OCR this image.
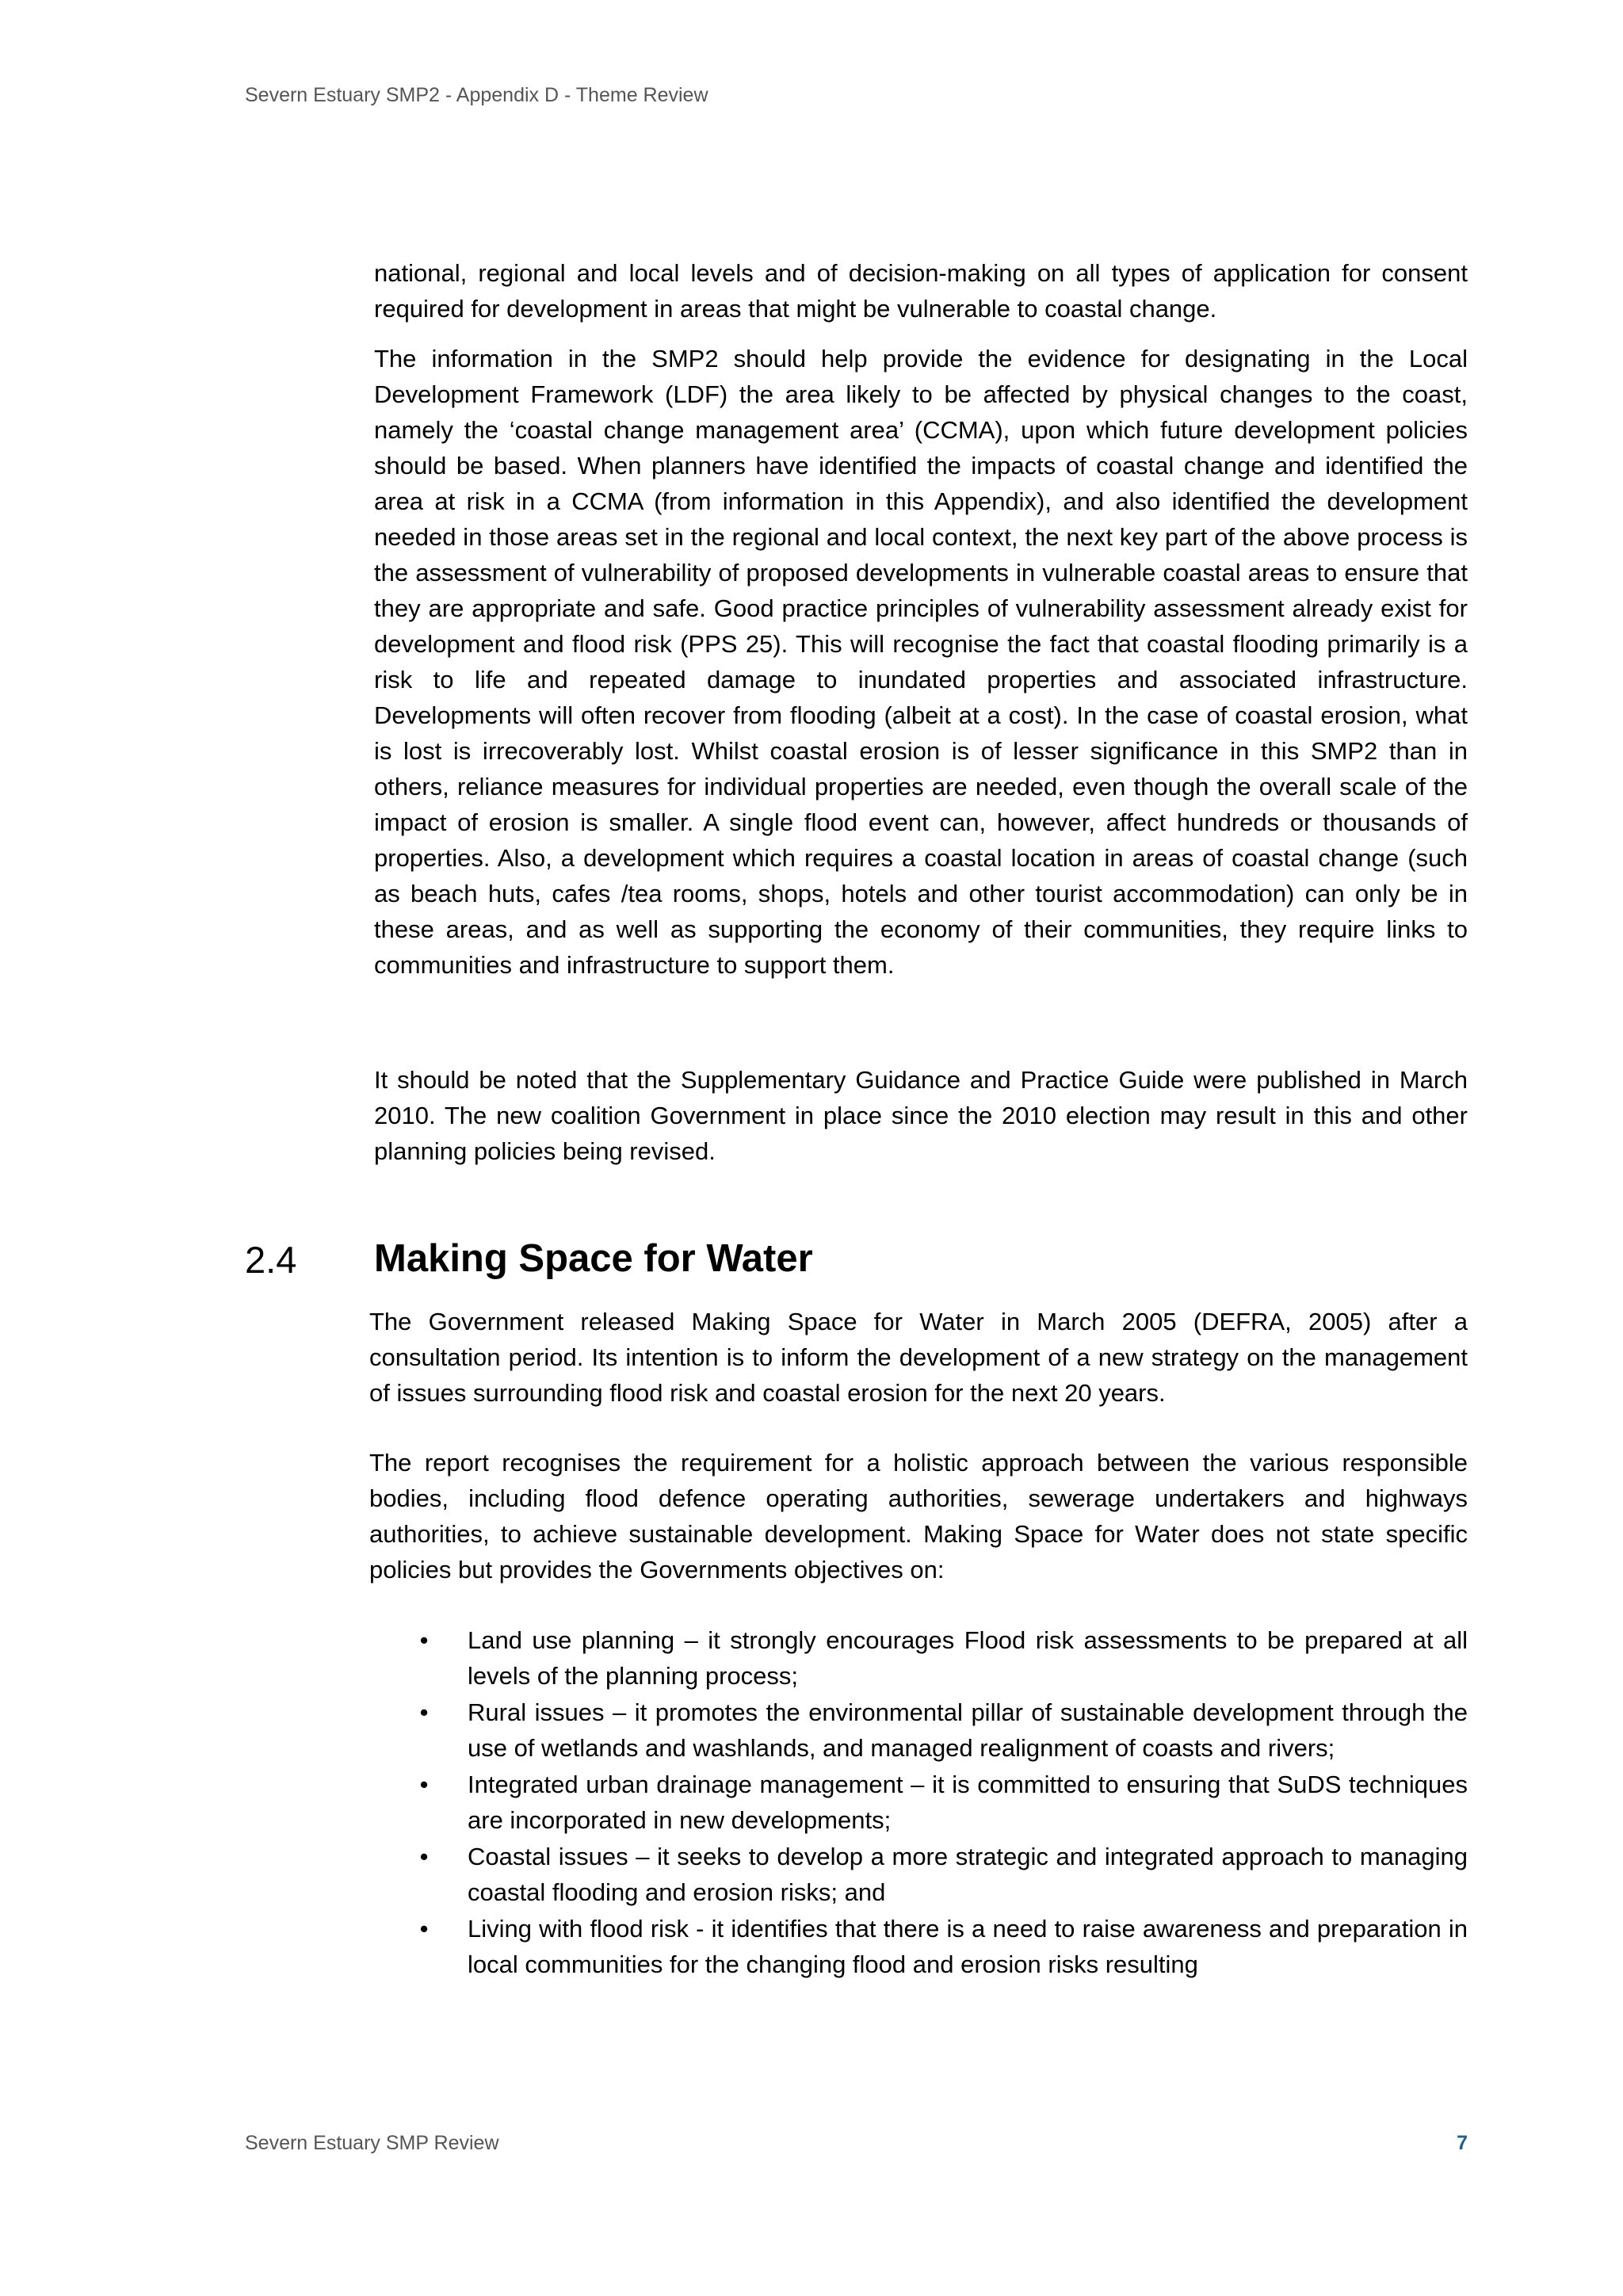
Severn Estuary SMP2 - Appendix D - Theme Review

national, regional and local levels and of decision-making on all types of application for consent required for development in areas that might be vulnerable to coastal change.

The information in the SMP2 should help provide the evidence for designating in the Local Development Framework (LDF) the area likely to be affected by physical changes to the coast, namely the ‘coastal change management area’ (CCMA), upon which future development policies should be based. When planners have identified the impacts of coastal change and identified the area at risk in a CCMA (from information in this Appendix), and also identified the development needed in those areas set in the regional and local context, the next key part of the above process is the assessment of vulnerability of proposed developments in vulnerable coastal areas to ensure that they are appropriate and safe. Good practice principles of vulnerability assessment already exist for development and flood risk (PPS 25). This will recognise the fact that coastal flooding primarily is a risk to life and repeated damage to inundated properties and associated infrastructure. Developments will often recover from flooding (albeit at a cost). In the case of coastal erosion, what is lost is irrecoverably lost. Whilst coastal erosion is of lesser significance in this SMP2 than in others, reliance measures for individual properties are needed, even though the overall scale of the impact of erosion is smaller. A single flood event can, however, affect hundreds or thousands of properties. Also, a development which requires a coastal location in areas of coastal change (such as beach huts, cafes /tea rooms, shops, hotels and other tourist accommodation) can only be in these areas, and as well as supporting the economy of their communities, they require links to communities and infrastructure to support them.

It should be noted that the Supplementary Guidance and Practice Guide were published in March 2010. The new coalition Government in place since the 2010 election may result in this and other planning policies being revised.

2.4 Making Space for Water

The Government released Making Space for Water in March 2005 (DEFRA, 2005) after a consultation period. Its intention is to inform the development of a new strategy on the management of issues surrounding flood risk and coastal erosion for the next 20 years.

The report recognises the requirement for a holistic approach between the various responsible bodies, including flood defence operating authorities, sewerage undertakers and highways authorities, to achieve sustainable development. Making Space for Water does not state specific policies but provides the Governments objectives on:

•	Land use planning – it strongly encourages Flood risk assessments to be prepared at all levels of the planning process;
•	Rural issues – it promotes the environmental pillar of sustainable development through the use of wetlands and washlands, and managed realignment of coasts and rivers;
•	Integrated urban drainage management – it is committed to ensuring that SuDS techniques are incorporated in new developments;
•	Coastal issues – it seeks to develop a more strategic and integrated approach to managing coastal flooding and erosion risks; and
•	Living with flood risk - it identifies that there is a need to raise awareness and preparation in local communities for the changing flood and erosion risks resulting
Severn Estuary SMP Review	7
